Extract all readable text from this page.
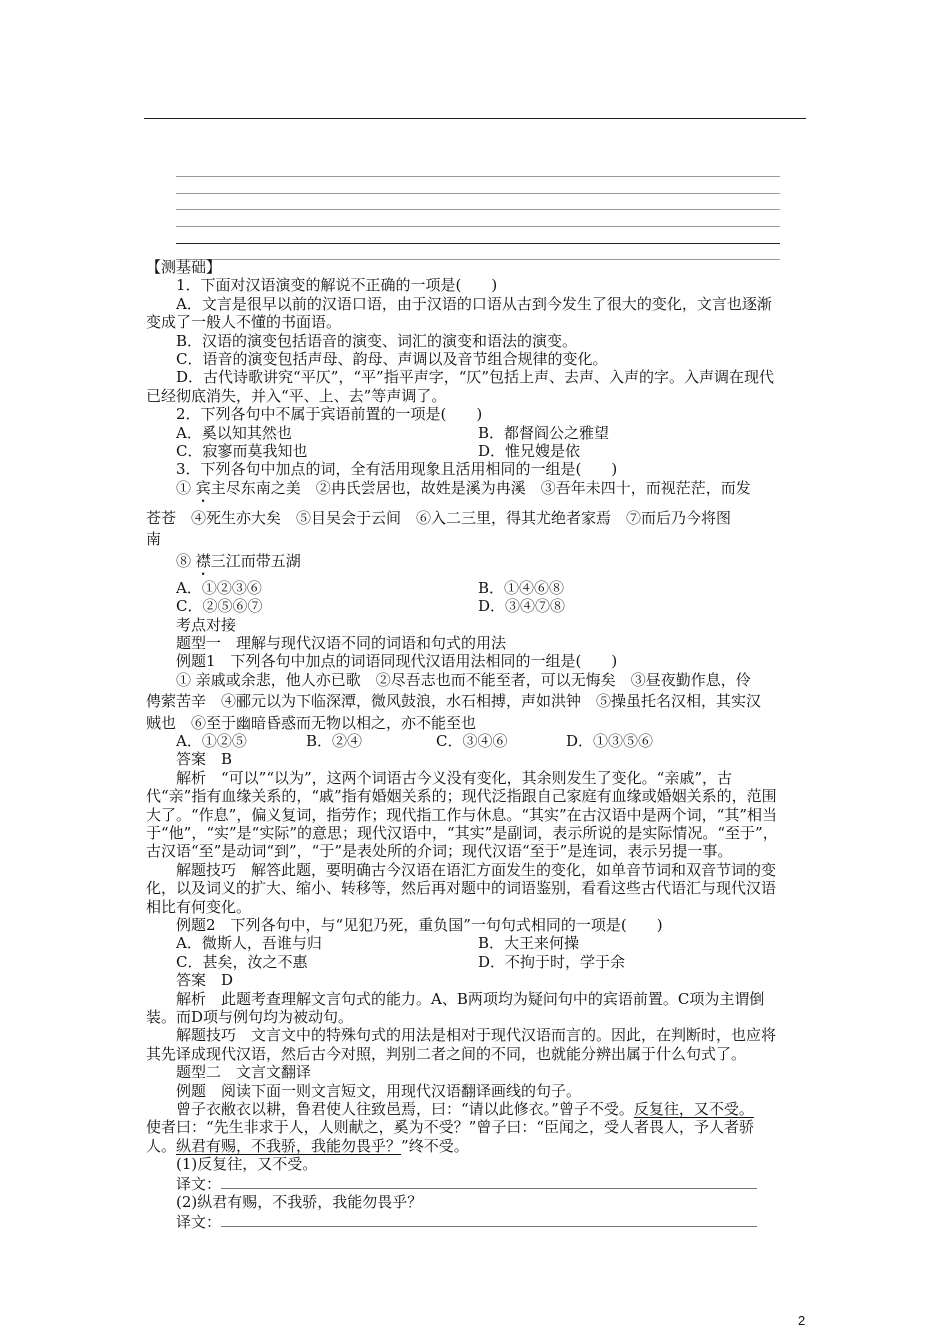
【测基础】

1．下面对汉语演变的解说不正确的一项是(　　)

A．文言是很早以前的汉语口语，由于汉语的口语从古到今发生了很大的变化，文言也逐渐变成了一般人不懂的书面语。

B．汉语的演变包括语音的演变、词汇的演变和语法的演变。

C．语音的演变包括声母、韵母、声调以及音节组合规律的变化。

D．古代诗歌讲究“平仄”，“平”指平声字，“仄”包括上声、去声、入声的字。入声调在现代已经彻底消失，并入“平、上、去”等声调了。

2．下列各句中不属于宾语前置的一项是(　　)

A．奚以知其然也	B．都督阎公之雅望
C．寂寥而莫我知也	D．惟兄嫂是依

3．下列各句中加点的词，全有活用现象且活用相同的一组是(　　)

① 宾主尽东南之美　②冉氏尝居也，故姓是溪为冉溪　③吾年未四十，而视茫茫，而发

苍苍　④死生亦大矣　⑤目吴会于云间　⑥入二三里，得其尤绝者家焉　⑦而后乃今将图

南

⑧ 襟三江而带五湖

A．①②③⑥	B．①④⑥⑧
C．②⑤⑥⑦	D．③④⑦⑧

考点对接

题型一　理解与现代汉语不同的词语和句式的用法

例题1　下列各句中加点的词语同现代汉语用法相同的一组是(　　)

① 亲戚或余悲，他人亦已歌　②尽吾志也而不能至者，可以无悔矣　③昼夜勤作息，伶

俜萦苦辛　④郦元以为下临深潭，微风鼓浪，水石相搏，声如洪钟　⑤操虽托名汉相，其实汉

贼也　⑥至于幽暗昏惑而无物以相之，亦不能至也

A．①②⑤	B．②④	C．③④⑥	D．①③⑤⑥

答案　B

解析　“可以”“以为”，这两个词语古今义没有变化，其余则发生了变化。“亲戚”，古代“亲”指有血缘关系的，“戚”指有婚姻关系的；现代泛指跟自己家庭有血缘或婚姻关系的，范围大了。“作息”，偏义复词，指劳作；现代指工作与休息。“其实”在古汉语中是两个词，“其”相当于“他”，“实”是“实际”的意思；现代汉语中，“其实”是副词，表示所说的是实际情况。“至于”，古汉语“至”是动词“到”，“于”是表处所的介词；现代汉语“至于”是连词，表示另提一事。

解题技巧　解答此题，要明确古今汉语在语汇方面发生的变化，如单音节词和双音节词的变化，以及词义的扩大、缩小、转移等，然后再对题中的词语鉴别，看看这些古代语汇与现代汉语相比有何变化。

例题2　下列各句中，与“见犯乃死，重负国”一句句式相同的一项是(　　)

A．微斯人，吾谁与归	B．大王来何操
C．甚矣，汝之不惠	D．不拘于时，学于余

答案　D

解析　此题考查理解文言句式的能力。A、B两项均为疑问句中的宾语前置。C项为主谓倒装。而D项与例句均为被动句。

解题技巧　文言文中的特殊句式的用法是相对于现代汉语而言的。因此，在判断时，也应将其先译成现代汉语，然后古今对照，判别二者之间的不同，也就能分辨出属于什么句式了。

题型二　文言文翻译

例题　阅读下面一则文言短文，用现代汉语翻译画线的句子。

曾子衣敝衣以耕，鲁君使人往致邑焉，曰：“请以此修衣。”曾子不受。反复往，又不受。

使者曰：“先生非求于人，人则献之，奚为不受？”曾子曰：“臣闻之，受人者畏人，予人者骄

人。纵君有赐，不我骄，我能勿畏乎？”终不受。

(1)反复往，又不受。

译文：

(2)纵君有赐，不我骄，我能勿畏乎？

译文：

2
